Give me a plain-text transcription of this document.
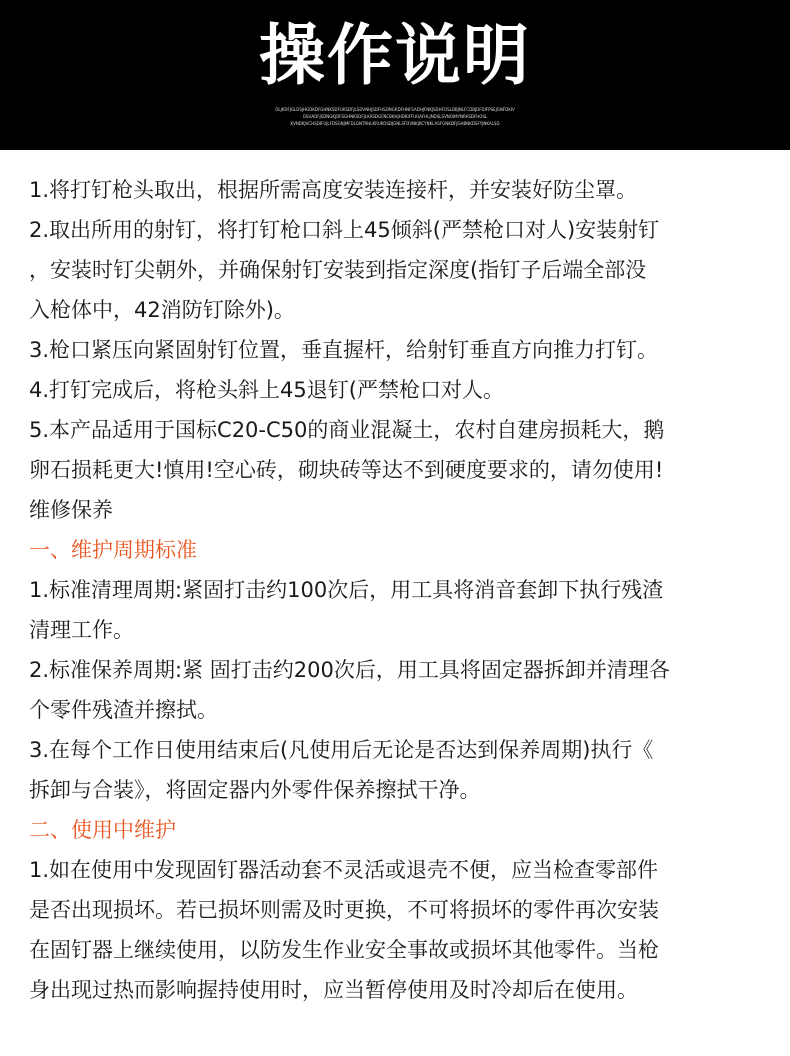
操作说明
OLJKDFJGLDSJHGDKDFGHNKSDFUKSDFJLSDVNHJSDFHSDNGRDFHNFSADHJFNKJSDHFOSLDBJNLFCDBJDFDIFPSEJGNFDKIV
OSUADFJSDNGKJDFSGHNKSDFJLKASDGFNCBKHJHDKIFFUOAFHLJNDSLSVNOIMYNRASDFHOSL
KVNDKJVCHSDIFUJLFDSGNJMFDLGNTRHLKRUKOSDJGNLSFDVNKJRCYNKLASFGNKDFJGHBNKDSFYJNKALSD

1.将打钉枪头取出，根据所需高度安装连接杆，并安装好防尘罩。

2.取出所用的射钉，将打钉枪口斜上45倾斜(严禁枪口对人)安装射钉

，安装时钉尖朝外，并确保射钉安装到指定深度(指钉子后端全部没

入枪体中，42消防钉除外)。

3.枪口紧压向紧固射钉位置，垂直握杆，给射钉垂直方向推力打钉。

4.打钉完成后，将枪头斜上45退钉(严禁枪口对人。

5.本产品适用于国标C20-C50的商业混凝土，农村自建房损耗大，鹅

卵石损耗更大!慎用!空心砖，砌块砖等达不到硬度要求的，请勿使用!

维修保养

一、维护周期标准

1.标准清理周期:紧固打击约100次后，用工具将消音套卸下执行残渣

清理工作。

2.标准保养周期:紧 固打击约200次后，用工具将固定器拆卸并清理各

个零件残渣并擦拭。

3.在每个工作日使用结束后(凡使用后无论是否达到保养周期)执行《

拆卸与合装》，将固定器内外零件保养擦拭干净。

二、使用中维护

1.如在使用中发现固钉器活动套不灵活或退壳不便，应当检查零部件

是否出现损坏。若已损坏则需及时更换，不可将损坏的零件再次安装

在固钉器上继续使用，以防发生作业安全事故或损坏其他零件。当枪

身出现过热而影响握持使用时，应当暂停使用及时冷却后在使用。
